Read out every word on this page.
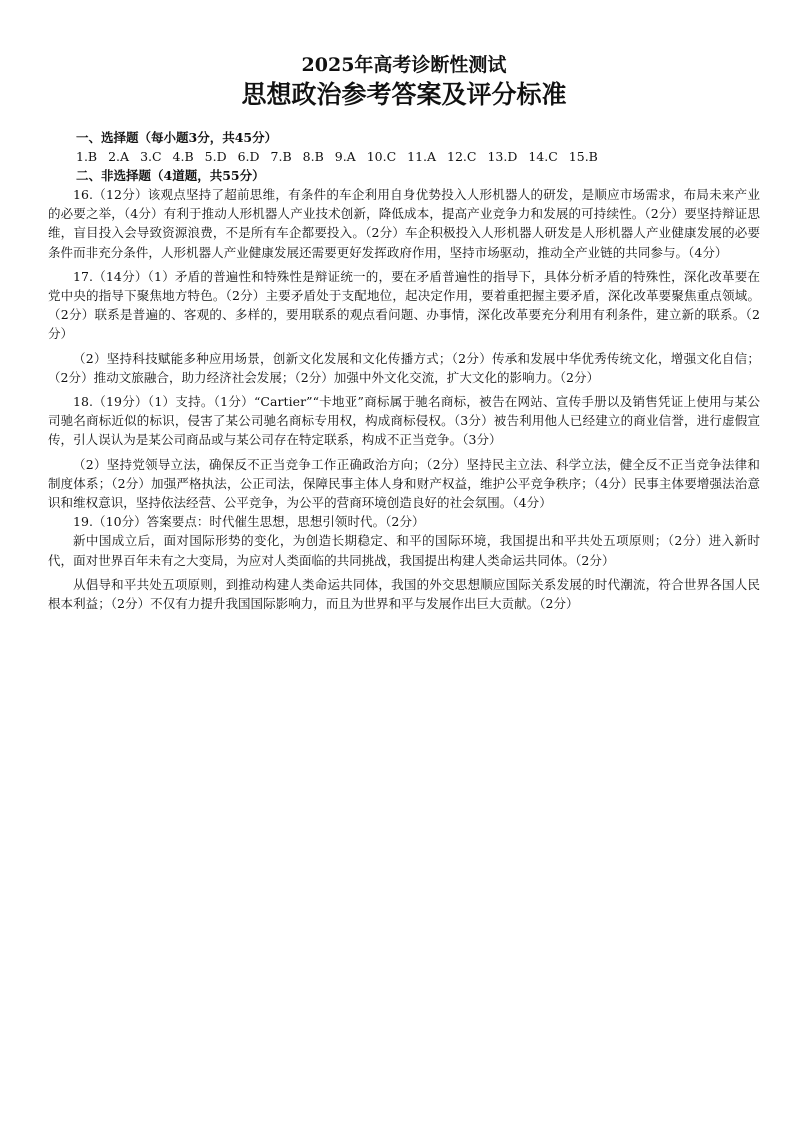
2025年高考诊断性测试

思想政治参考答案及评分标准

一、选择题（每小题3分，共45分）

1.B 2.A 3.C 4.B 5.D 6.D 7.B 8.B 9.A 10.C 11.A 12.C 13.D 14.C 15.B

二、非选择题（4道题，共55分）

16.（12分）该观点坚持了超前思维，有条件的车企利用自身优势投入人形机器人的研发，是顺应市场需求，布局未来产业的必要之举，（4分）有利于推动人形机器人产业技术创新，降低成本，提高产业竞争力和发展的可持续性。（2分）要坚持辩证思维，盲目投入会导致资源浪费，不是所有车企都要投入。（2分）车企积极投入人形机器人研发是人形机器人产业健康发展的必要条件而非充分条件，人形机器人产业健康发展还需要更好发挥政府作用，坚持市场驱动，推动全产业链的共同参与。（4分）

17.（14分）（1）矛盾的普遍性和特殊性是辩证统一的，要在矛盾普遍性的指导下，具体分析矛盾的特殊性，深化改革要在党中央的指导下聚焦地方特色。（2分）主要矛盾处于支配地位，起决定作用，要着重把握主要矛盾，深化改革要聚焦重点领域。（2分）联系是普遍的、客观的、多样的，要用联系的观点看问题、办事情，深化改革要充分利用有利条件，建立新的联系。（2分）

（2）坚持科技赋能多种应用场景，创新文化发展和文化传播方式；（2分）传承和发展中华优秀传统文化，增强文化自信；（2分）推动文旅融合，助力经济社会发展；（2分）加强中外文化交流，扩大文化的影响力。（2分）

18.（19分）（1）支持。（1分）“Cartier”“卡地亚”商标属于驰名商标，被告在网站、宣传手册以及销售凭证上使用与某公司驰名商标近似的标识，侵害了某公司驰名商标专用权，构成商标侵权。（3分）被告利用他人已经建立的商业信誉，进行虚假宣传，引人误认为是某公司商品或与某公司存在特定联系，构成不正当竞争。（3分）

（2）坚持党领导立法，确保反不正当竞争工作正确政治方向；（2分）坚持民主立法、科学立法，健全反不正当竞争法律和制度体系；（2分）加强严格执法，公正司法，保障民事主体人身和财产权益，维护公平竞争秩序；（4分）民事主体要增强法治意识和维权意识，坚持依法经营、公平竞争，为公平的营商环境创造良好的社会氛围。（4分）

19.（10分）答案要点：时代催生思想，思想引领时代。（2分）

新中国成立后，面对国际形势的变化，为创造长期稳定、和平的国际环境，我国提出和平共处五项原则；（2分）进入新时代，面对世界百年未有之大变局，为应对人类面临的共同挑战，我国提出构建人类命运共同体。（2分）

从倡导和平共处五项原则，到推动构建人类命运共同体，我国的外交思想顺应国际关系发展的时代潮流，符合世界各国人民根本利益；（2分）不仅有力提升我国国际影响力，而且为世界和平与发展作出巨大贡献。（2分）
